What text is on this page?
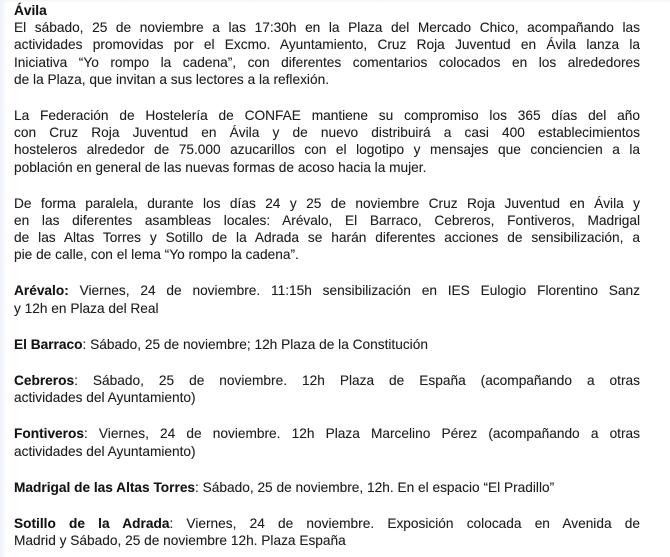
Ávila
El sábado, 25 de noviembre a las 17:30h en la Plaza del Mercado Chico, acompañando las
actividades promovidas por el Excmo. Ayuntamiento, Cruz Roja Juventud en Ávila lanza la
Iniciativa “Yo rompo la cadena”, con diferentes comentarios colocados en los alrededores
de la Plaza, que invitan a sus lectores a la reflexión.
La Federación de Hostelería de CONFAE mantiene su compromiso los 365 días del año
con Cruz Roja Juventud en Ávila y de nuevo distribuirá a casi 400 establecimientos
hosteleros alrededor de 75.000 azucarillos con el logotipo y mensajes que conciencien a la
población en general de las nuevas formas de acoso hacia la mujer.
De forma paralela, durante los días 24 y 25 de noviembre Cruz Roja Juventud en Ávila y
en las diferentes asambleas locales: Arévalo, El Barraco, Cebreros, Fontiveros, Madrigal
de las Altas Torres y Sotillo de la Adrada se harán diferentes acciones de sensibilización, a
pie de calle, con el lema “Yo rompo la cadena”.
Arévalo: Viernes, 24 de noviembre. 11:15h sensibilización en IES Eulogio Florentino Sanz
y 12h en Plaza del Real
El Barraco: Sábado, 25 de noviembre; 12h Plaza de la Constitución
Cebreros: Sábado, 25 de noviembre. 12h Plaza de España (acompañando a otras
actividades del Ayuntamiento)
Fontiveros: Viernes, 24 de noviembre. 12h Plaza Marcelino Pérez (acompañando a otras
actividades del Ayuntamiento)
Madrigal de las Altas Torres: Sábado, 25 de noviembre, 12h. En el espacio “El Pradillo”
Sotillo de la Adrada: Viernes, 24 de noviembre. Exposición colocada en Avenida de
Madrid y Sábado, 25 de noviembre 12h. Plaza España
